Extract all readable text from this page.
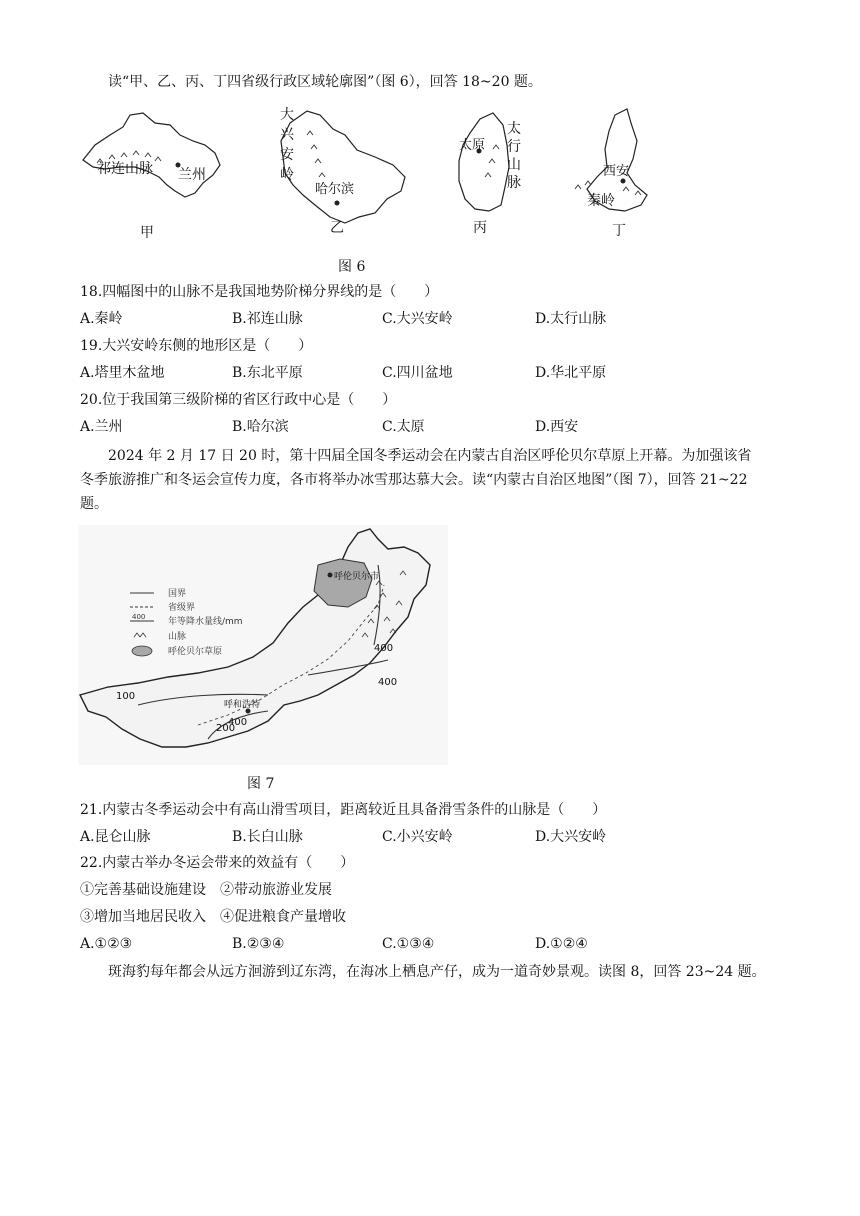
读“甲、乙、丙、丁四省级行政区域轮廓图”（图 6），回答 18~20 题。
祁连山脉 兰州
大
兴
安
岭
哈尔滨
乙
太原
太
行
山
脉
丙
西安
秦岭
丁
甲
图 6
18.四幅图中的山脉不是我国地势阶梯分界线的是（　　）
A.秦岭	B.祁连山脉	C.大兴安岭	D.太行山脉
19.大兴安岭东侧的地形区是（　　）
A.塔里木盆地	B.东北平原	C.四川盆地	D.华北平原
20.位于我国第三级阶梯的省区行政中心是（　　）
A.兰州	B.哈尔滨	C.太原	D.西安
2024 年 2 月 17 日 20 时，第十四届全国冬季运动会在内蒙古自治区呼伦贝尔草原上开幕。为加强该省
冬季旅游推广和冬运会宣传力度，各市将举办冰雪那达慕大会。读“内蒙古自治区地图”（图 7），回答 21~22
题。
呼伦贝尔市
呼和浩特
400
400
100
200
400
国界
省级界
400	年等降水量线/mm
山脉
呼伦贝尔草原
图 7
21.内蒙古冬季运动会中有高山滑雪项目，距离较近且具备滑雪条件的山脉是（　　）
A.昆仑山脉	B.长白山脉	C.小兴安岭	D.大兴安岭
22.内蒙古举办冬运会带来的效益有（　　）
①完善基础设施建设　②带动旅游业发展
③增加当地居民收入　④促进粮食产量增收
A.①②③	B.②③④	C.①③④	D.①②④
斑海豹每年都会从远方洄游到辽东湾，在海冰上栖息产仔，成为一道奇妙景观。读图 8，回答 23~24 题。
